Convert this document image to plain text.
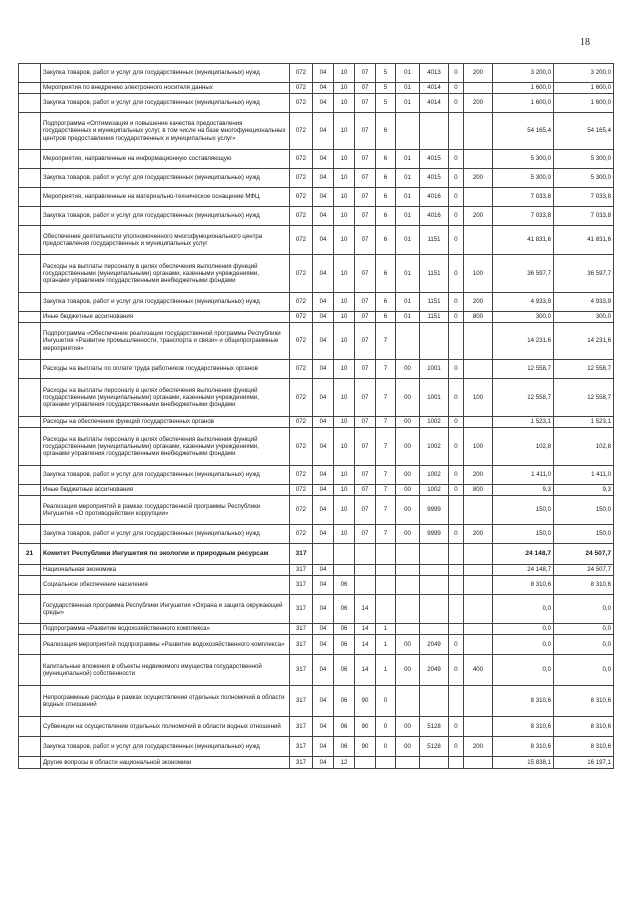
18
	Закупка товаров, работ и услуг для государственных (муниципальных) нужд	072	04	10	07	5	01	4013	0	200	3 200,0	3 200,0
	Мероприятия по внедрению электронного носителя данных	072	04	10	07	5	01	4014	0		1 600,0	1 600,0
	Закупка товаров, работ и услуг для государственных (муниципальных) нужд	072	04	10	07	5	01	4014	0	200	1 600,0	1 600,0
	Подпрограмма «Оптимизация и повышение качества предоставления государственных и муниципальных услуг, в том числе на базе многофункциональных центров предоставления государственных и муниципальных услуг»	072	04	10	07	6					54 165,4	54 165,4
	Мероприятия, направленные на информационную составляющую	072	04	10	07	6	01	4015	0		5 300,0	5 300,0
	Закупка товаров, работ и услуг для государственных (муниципальных) нужд	072	04	10	07	6	01	4015	0	200	5 300,0	5 300,0
	Мероприятия, направленные на материально-техническое оснащение МФЦ	072	04	10	07	6	01	4016	0		7 033,8	7 033,8
	Закупка товаров, работ и услуг для государственных (муниципальных) нужд	072	04	10	07	6	01	4016	0	200	7 033,8	7 033,8
	Обеспечение деятельности уполномоченного многофункционального центра предоставления государственных и муниципальных услуг	072	04	10	07	6	01	1151	0		41 831,6	41 831,6
	Расходы на выплаты персоналу в целях обеспечения выполнения функций государственными (муниципальными) органами, казенными учреждениями, органами управления государственными внебюджетными фондами	072	04	10	07	6	01	1151	0	100	36 597,7	36 597,7
	Закупка товаров, работ и услуг для государственных (муниципальных) нужд	072	04	10	07	6	01	1151	0	200	4 933,9	4 933,9
	Иные бюджетные ассигнования	072	04	10	07	6	01	1151	0	800	300,0	300,0
	Подпрограмма «Обеспечение реализации государственной программы Республики Ингушетия «Развитие промышленности, транспорта и связи» и общепрограммные мероприятия»	072	04	10	07	7					14 231,6	14 231,6
	Расходы на выплаты по оплате труда работников государственных органов	072	04	10	07	7	00	1001	0		12 558,7	12 558,7
	Расходы на выплаты персоналу в целях обеспечения выполнения функций государственными (муниципальными) органами, казенными учреждениями, органами управления государственными внебюджетными фондами	072	04	10	07	7	00	1001	0	100	12 558,7	12 558,7
	Расходы на обеспечение функций государственных органов	072	04	10	07	7	00	1002	0		1 523,1	1 523,1
	Расходы на выплаты персоналу в целях обеспечения выполнения функций государственными (муниципальными) органами, казенными учреждениями, органами управления государственными внебюджетными фондами	072	04	10	07	7	00	1002	0	100	102,8	102,8
	Закупка товаров, работ и услуг для государственных (муниципальных) нужд	072	04	10	07	7	00	1002	0	200	1 411,0	1 411,0
	Иные бюджетные ассигнования	072	04	10	07	7	00	1002	0	800	9,3	9,3
	Реализация мероприятий в рамках государственной программы Республики Ингушетия «О противодействии коррупции»	072	04	10	07	7	00	9999			150,0	150,0
	Закупка товаров, работ и услуг для государственных (муниципальных) нужд	072	04	10	07	7	00	9999	0	200	150,0	150,0
21	Комитет Республики Ингушетия по экологии и природным ресурсам	317									24 148,7	24 507,7
	Национальная экономика	317	04								24 148,7	24 507,7
	Социальное обеспечение населения	317	04	06							8 310,6	8 310,6
	Государственная программа Республики Ингушетия «Охрана и защита окружающей среды»	317	04	06	14						0,0	0,0
	Подпрограмма «Развитие водохозяйственного комплекса»	317	04	06	14	1					0,0	0,0
	Реализация мероприятий подпрограммы «Развитие водохозяйственного комплекса»	317	04	06	14	1	00	2049	0		0,0	0,0
	Капитальные вложения в объекты недвижимого имущества государственной (муниципальной) собственности	317	04	06	14	1	00	2049	0	400	0,0	0,0
	Непрограммные расходы в рамках осуществления отдельных полномочий в области водных отношений	317	04	06	90	0					8 310,6	8 310,6
	Субвенции на осуществление отдельных полномочий в области водных отношений	317	04	06	90	0	00	5128	0		8 310,6	8 310,6
	Закупка товаров, работ и услуг для государственных (муниципальных) нужд	317	04	06	90	0	00	5128	0	200	8 310,6	8 310,6
	Другие вопросы в области национальной экономики	317	04	12							15 838,1	16 197,1
